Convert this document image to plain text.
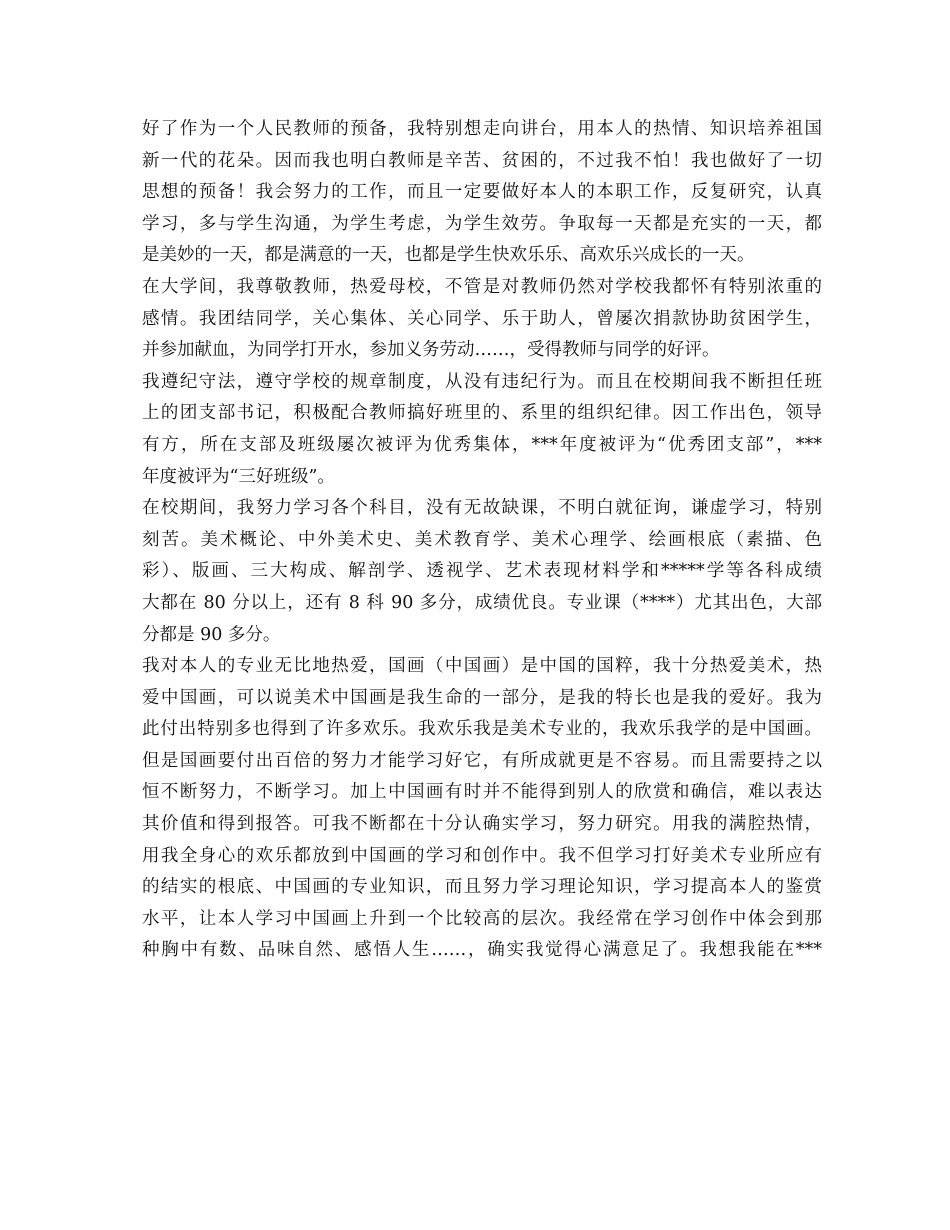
好了作为一个人民教师的预备，我特别想走向讲台，用本人的热情、知识培养祖国
新一代的花朵。因而我也明白教师是辛苦、贫困的，不过我不怕！我也做好了一切
思想的预备！我会努力的工作，而且一定要做好本人的本职工作，反复研究，认真
学习，多与学生沟通，为学生考虑，为学生效劳。争取每一天都是充实的一天，都
是美妙的一天，都是满意的一天，也都是学生快欢乐乐、高欢乐兴成长的一天。
在大学间，我尊敬教师，热爱母校，不管是对教师仍然对学校我都怀有特别浓重的
感情。我团结同学，关心集体、关心同学、乐于助人，曾屡次捐款协助贫困学生，
并参加献血，为同学打开水，参加义务劳动……，受得教师与同学的好评。
我遵纪守法，遵守学校的规章制度，从没有违纪行为。而且在校期间我不断担任班
上的团支部书记，积极配合教师搞好班里的、系里的组织纪律。因工作出色，领导
有方，所在支部及班级屡次被评为优秀集体，***年度被评为“优秀团支部”，***
年度被评为“三好班级”。
在校期间，我努力学习各个科目，没有无故缺课，不明白就征询，谦虚学习，特别
刻苦。美术概论、中外美术史、美术教育学、美术心理学、绘画根底（素描、色
彩）、版画、三大构成、解剖学、透视学、艺术表现材料学和*****学等各科成绩
大都在 80 分以上，还有 8 科 90 多分，成绩优良。专业课（****）尤其出色，大部
分都是 90 多分。
我对本人的专业无比地热爱，国画（中国画）是中国的国粹，我十分热爱美术，热
爱中国画，可以说美术中国画是我生命的一部分，是我的特长也是我的爱好。我为
此付出特别多也得到了许多欢乐。我欢乐我是美术专业的，我欢乐我学的是中国画。
但是国画要付出百倍的努力才能学习好它，有所成就更是不容易。而且需要持之以
恒不断努力，不断学习。加上中国画有时并不能得到别人的欣赏和确信，难以表达
其价值和得到报答。可我不断都在十分认确实学习，努力研究。用我的满腔热情，
用我全身心的欢乐都放到中国画的学习和创作中。我不但学习打好美术专业所应有
的结实的根底、中国画的专业知识，而且努力学习理论知识，学习提高本人的鉴赏
水平，让本人学习中国画上升到一个比较高的层次。我经常在学习创作中体会到那
种胸中有数、品味自然、感悟人生……，确实我觉得心满意足了。我想我能在***
